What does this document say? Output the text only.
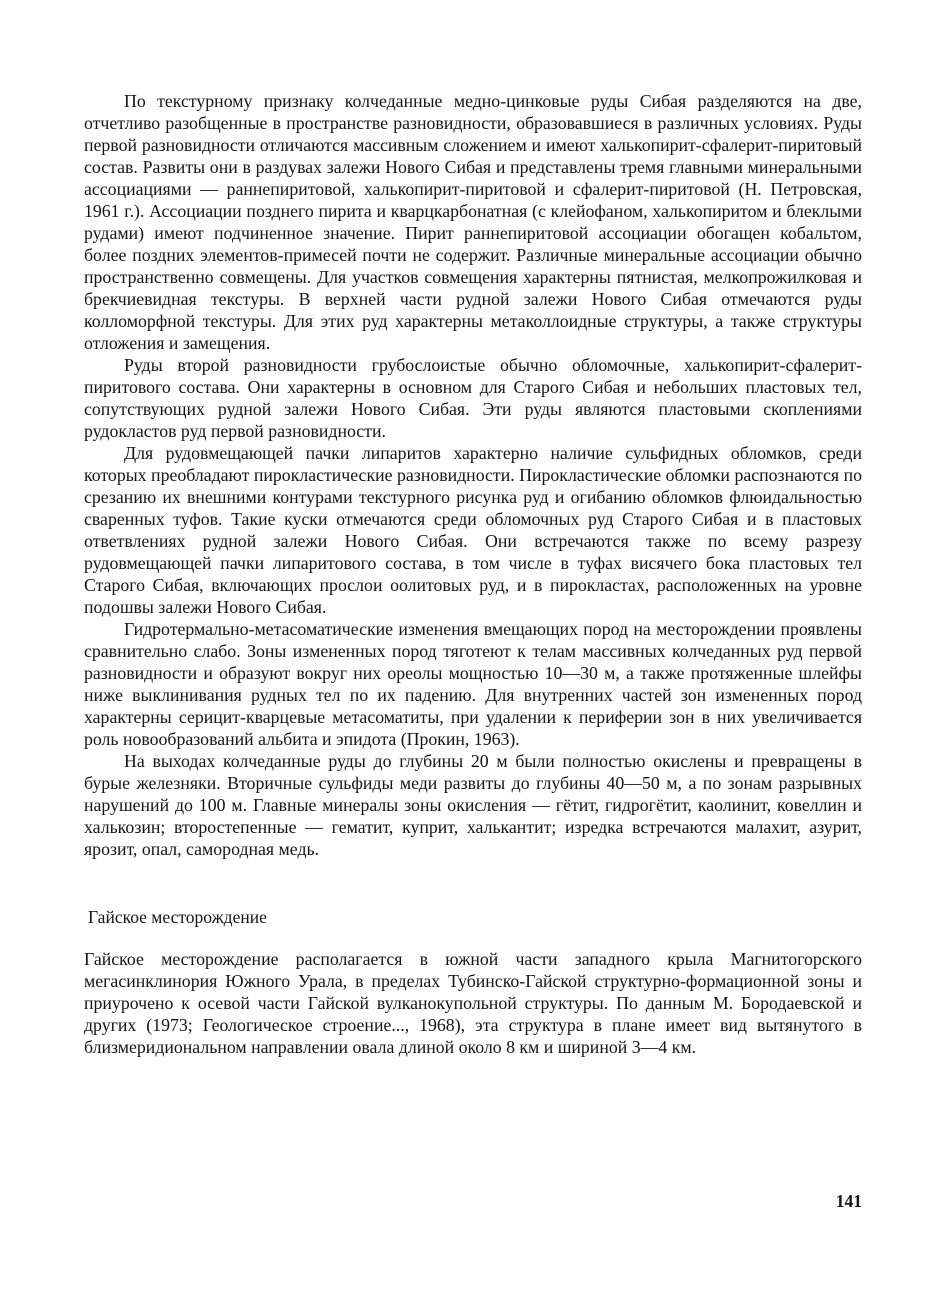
По текстурному признаку колчеданные медно-цинковые руды Сибая разделяются на две, отчетливо разобщенные в пространстве разновидности, образовавшиеся в различных условиях. Руды первой разновидности отличаются массивным сложением и имеют халькопирит-сфалерит-пиритовый состав. Развиты они в раздувах залежи Нового Сибая и представлены тремя главными минеральными ассоциациями — раннепиритовой, халькопирит-пиритовой и сфалерит-пиритовой (Н. Петровская, 1961 г.). Ассоциации позднего пирита и кварцкарбонатная (с клейофаном, халькопиритом и блеклыми рудами) имеют подчиненное значение. Пирит раннепиритовой ассоциации обогащен кобальтом, более поздних элементов-примесей почти не содержит. Различные минеральные ассоциации обычно пространственно совмещены. Для участков совмещения характерны пятнистая, мелкопрожилковая и брекчиевидная текстуры. В верхней части рудной залежи Нового Сибая отмечаются руды колломорфной текстуры. Для этих руд характерны метаколлоидные структуры, а также структуры отложения и замещения.

Руды второй разновидности грубослоистые обычно обломочные, халькопирит-сфалерит-пиритового состава. Они характерны в основном для Старого Сибая и небольших пластовых тел, сопутствующих рудной залежи Нового Сибая. Эти руды являются пластовыми скоплениями рудокластов руд первой разновидности.

Для рудовмещающей пачки липаритов характерно наличие сульфидных обломков, среди которых преобладают пирокластические разновидности. Пирокластические обломки распознаются по срезанию их внешними контурами текстурного рисунка руд и огибанию обломков флюидальностью сваренных туфов. Такие куски отмечаются среди обломочных руд Старого Сибая и в пластовых ответвлениях рудной залежи Нового Сибая. Они встречаются также по всему разрезу рудовмещающей пачки липаритового состава, в том числе в туфах висячего бока пластовых тел Старого Сибая, включающих прослои оолитовых руд, и в пирокластах, расположенных на уровне подошвы залежи Нового Сибая.

Гидротермально-метасоматические изменения вмещающих пород на месторождении проявлены сравнительно слабо. Зоны измененных пород тяготеют к телам массивных колчеданных руд первой разновидности и образуют вокруг них ореолы мощностью 10—30 м, а также протяженные шлейфы ниже выклинивания рудных тел по их падению. Для внутренних частей зон измененных пород характерны серицит-кварцевые метасоматиты, при удалении к периферии зон в них увеличивается роль новообразований альбита и эпидота (Прокин, 1963).

На выходах колчеданные руды до глубины 20 м были полностью окислены и превращены в бурые железняки. Вторичные сульфиды меди развиты до глубины 40—50 м, а по зонам разрывных нарушений до 100 м. Главные минералы зоны окисления — гётит, гидрогётит, каолинит, ковеллин и халькозин; второстепенные — гематит, куприт, халькантит; изредка встречаются малахит, азурит, ярозит, опал, самородная медь.

Гайское месторождение

Гайское месторождение располагается в южной части западного крыла Магнитогорского мегасинклинория Южного Урала, в пределах Тубинско-Гайской структурно-формационной зоны и приурочено к осевой части Гайской вулканокупольной структуры. По данным М. Бородаевской и других (1973; Геологическое строение..., 1968), эта структура в плане имеет вид вытянутого в близмеридиональном направлении овала длиной около 8 км и шириной 3—4 км.

141
